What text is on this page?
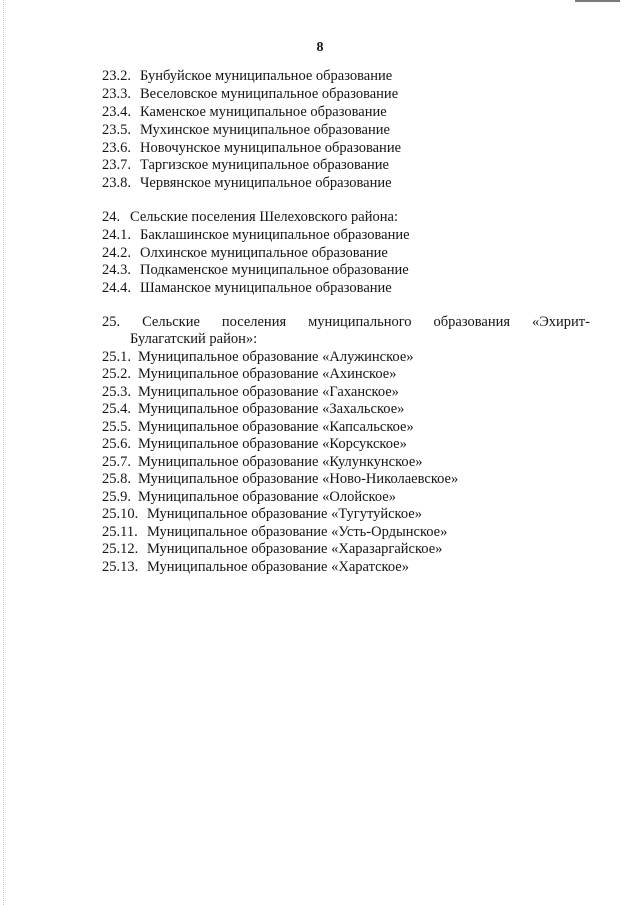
8
23.2. Бунбуйское муниципальное образование
23.3. Веселовское муниципальное образование
23.4. Каменское муниципальное образование
23.5. Мухинское муниципальное образование
23.6. Новочунское муниципальное образование
23.7. Таргизское муниципальное образование
23.8. Червянское муниципальное образование
24. Сельские поселения Шелеховского района:
24.1. Баклашинское муниципальное образование
24.2. Олхинское муниципальное образование
24.3. Подкаменское муниципальное образование
24.4. Шаманское муниципальное образование
25. Сельские поселения муниципального образования «Эхирит-
Булагатский район»:
25.1. Муниципальное образование «Алужинское»
25.2. Муниципальное образование «Ахинское»
25.3. Муниципальное образование «Гаханское»
25.4. Муниципальное образование «Захальское»
25.5. Муниципальное образование «Капсальское»
25.6. Муниципальное образование «Корсукское»
25.7. Муниципальное образование «Кулункунское»
25.8. Муниципальное образование «Ново-Николаевское»
25.9. Муниципальное образование «Олойское»
25.10. Муниципальное образование «Тугутуйское»
25.11. Муниципальное образование «Усть-Ордынское»
25.12. Муниципальное образование «Харазаргайское»
25.13. Муниципальное образование «Харатское»
